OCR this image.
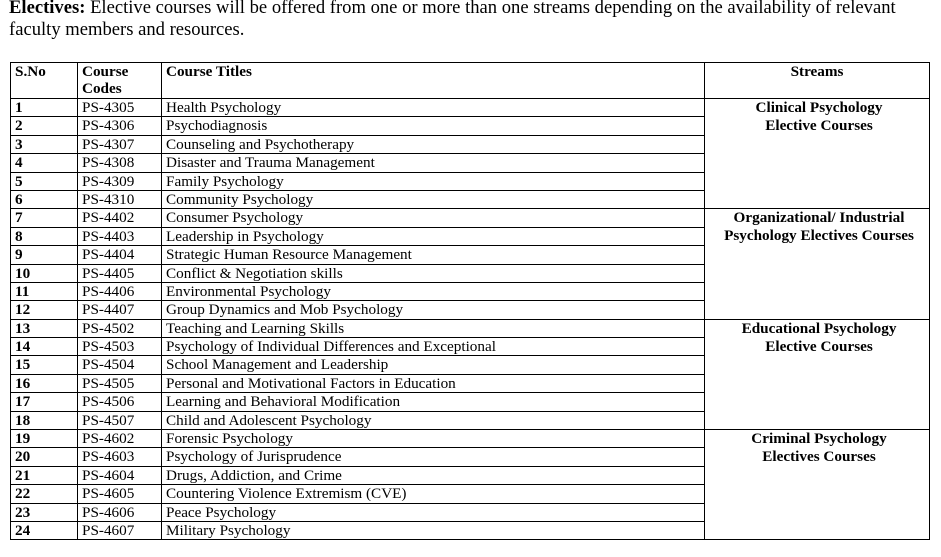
Electives: Elective courses will be offered from one or more than one streams depending on the availability of relevant faculty members and resources.

S.No	Course Codes	Course Titles	Streams
1	PS-4305	Health Psychology	Clinical Psychology
Elective Courses

2	PS-4306	Psychodiagnosis	
3	PS-4307	Counseling and Psychotherapy	
4	PS-4308	Disaster and Trauma Management	
5	PS-4309	Family Psychology	
6	PS-4310	Community Psychology	
7	PS-4402	Consumer Psychology	Organizational/ Industrial
Psychology Electives Courses

8	PS-4403	Leadership in Psychology	
9	PS-4404	Strategic Human Resource Management	
10	PS-4405	Conflict & Negotiation skills	
11	PS-4406	Environmental Psychology	
12	PS-4407	Group Dynamics and Mob Psychology	
13	PS-4502	Teaching and Learning Skills	Educational Psychology
Elective Courses

14	PS-4503	Psychology of Individual Differences and Exceptional	
15	PS-4504	School Management and Leadership	
16	PS-4505	Personal and Motivational Factors in Education	
17	PS-4506	Learning and Behavioral Modification	
18	PS-4507	Child and Adolescent Psychology	
19	PS-4602	Forensic Psychology	Criminal Psychology
Electives Courses

20	PS-4603	Psychology of Jurisprudence	
21	PS-4604	Drugs, Addiction, and Crime	
22	PS-4605	Countering Violence Extremism (CVE)	
23	PS-4606	Peace Psychology	
24	PS-4607	Military Psychology	
